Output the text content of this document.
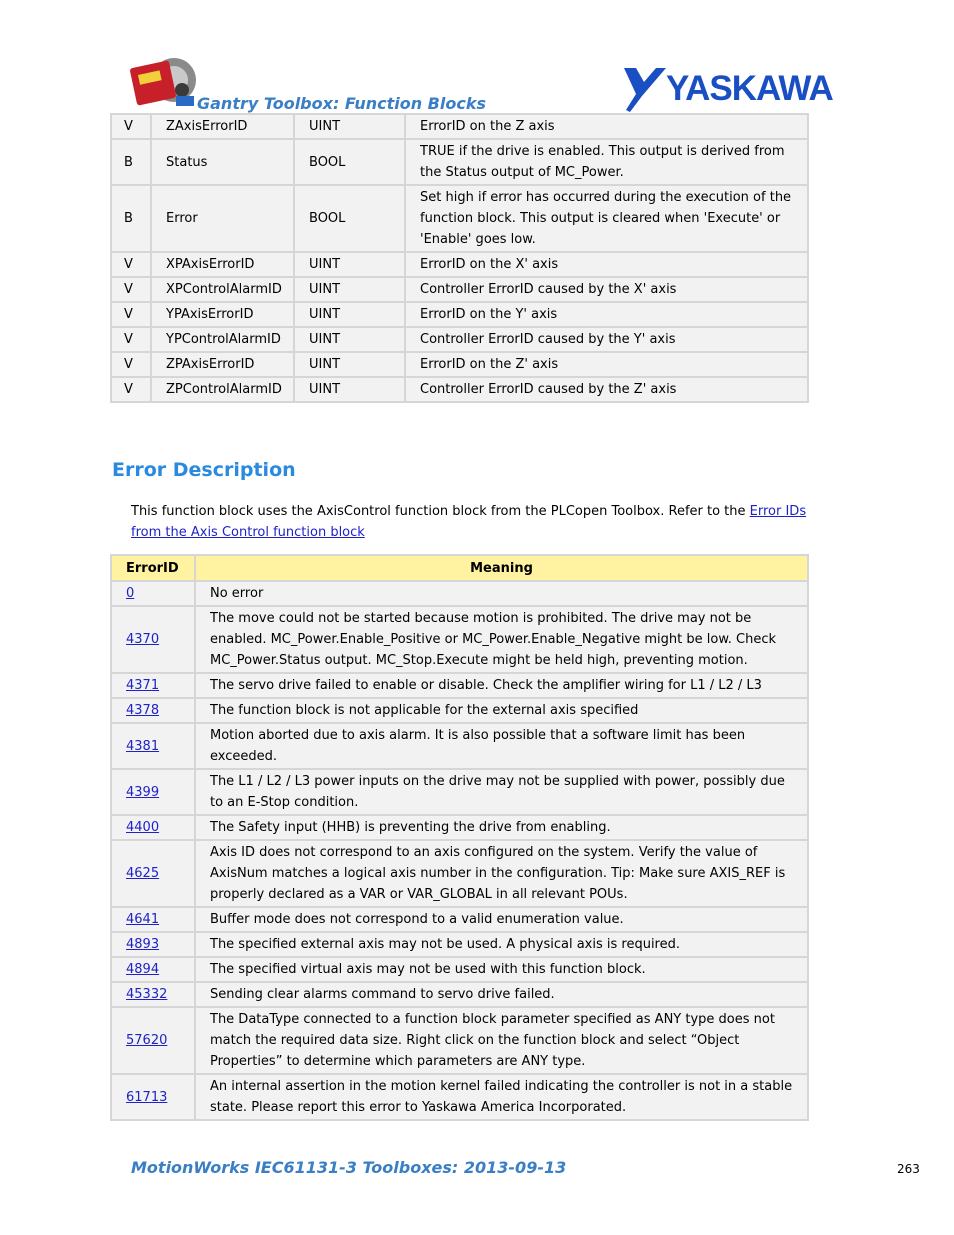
Gantry Toolbox: Function Blocks	YASKAWA
V	ZAxisErrorID	UINT	ErrorID on the Z axis
B	Status	BOOL	TRUE if the drive is enabled. This output is derived from the Status output of MC_Power.
B	Error	BOOL	Set high if error has occurred during the execution of the function block. This output is cleared when 'Execute' or 'Enable' goes low.
V	XPAxisErrorID	UINT	ErrorID on the X' axis
V	XPControlAlarmID	UINT	Controller ErrorID caused by the X' axis
V	YPAxisErrorID	UINT	ErrorID on the Y' axis
V	YPControlAlarmID	UINT	Controller ErrorID caused by the Y' axis
V	ZPAxisErrorID	UINT	ErrorID on the Z' axis
V	ZPControlAlarmID	UINT	Controller ErrorID caused by the Z' axis
Error Description
This function block uses the AxisControl function block from the PLCopen Toolbox. Refer to the Error IDs from the Axis Control function block
ErrorID	Meaning
0	No error
4370	The move could not be started because motion is prohibited. The drive may not be enabled. MC_Power.Enable_Positive or MC_Power.Enable_Negative might be low. Check MC_Power.Status output. MC_Stop.Execute might be held high, preventing motion.
4371	The servo drive failed to enable or disable. Check the amplifier wiring for L1 / L2 / L3
4378	The function block is not applicable for the external axis specified
4381	Motion aborted due to axis alarm. It is also possible that a software limit has been exceeded.
4399	The L1 / L2 / L3 power inputs on the drive may not be supplied with power, possibly due to an E-Stop condition.
4400	The Safety input (HHB) is preventing the drive from enabling.
4625	Axis ID does not correspond to an axis configured on the system. Verify the value of AxisNum matches a logical axis number in the configuration. Tip: Make sure AXIS_REF is properly declared as a VAR or VAR_GLOBAL in all relevant POUs.
4641	Buffer mode does not correspond to a valid enumeration value.
4893	The specified external axis may not be used. A physical axis is required.
4894	The specified virtual axis may not be used with this function block.
45332	Sending clear alarms command to servo drive failed.
57620	The DataType connected to a function block parameter specified as ANY type does not match the required data size. Right click on the function block and select “Object Properties” to determine which parameters are ANY type.
61713	An internal assertion in the motion kernel failed indicating the controller is not in a stable state. Please report this error to Yaskawa America Incorporated.
MotionWorks IEC61131-3 Toolboxes: 2013-09-13	263
